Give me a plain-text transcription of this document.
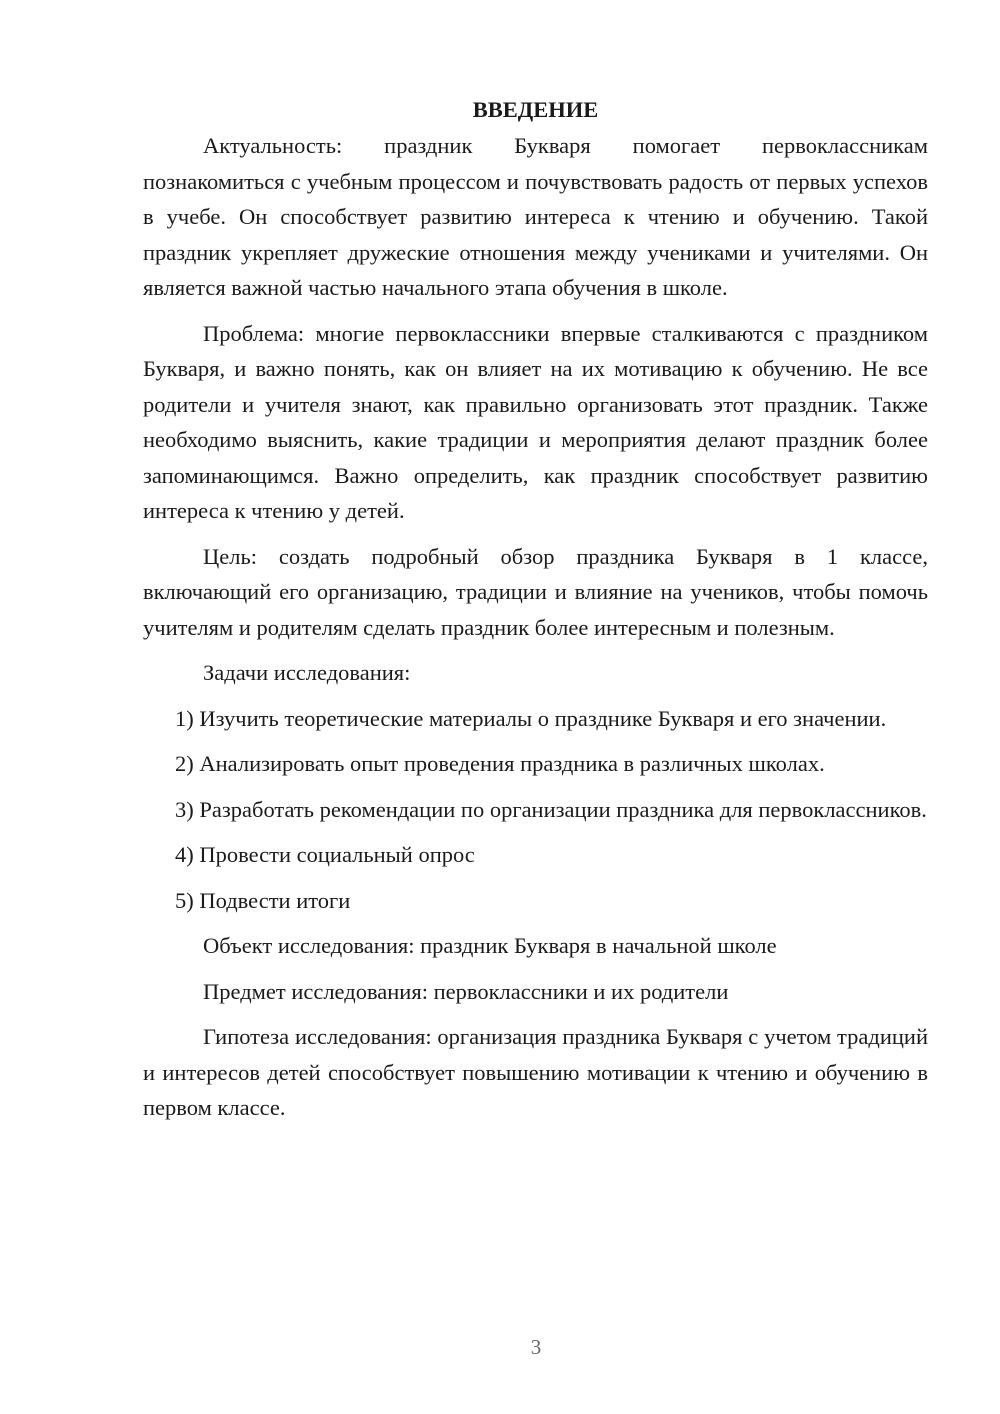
ВВЕДЕНИЕ

Актуальность: праздник Букваря помогает первоклассникам познакомиться с учебным процессом и почувствовать радость от первых успехов в учебе. Он способствует развитию интереса к чтению и обучению. Такой праздник укрепляет дружеские отношения между учениками и учителями. Он является важной частью начального этапа обучения в школе.

Проблема: многие первоклассники впервые сталкиваются с праздником Букваря, и важно понять, как он влияет на их мотивацию к обучению. Не все родители и учителя знают, как правильно организовать этот праздник. Также необходимо выяснить, какие традиции и мероприятия делают праздник более запоминающимся. Важно определить, как праздник способствует развитию интереса к чтению у детей.

Цель: создать подробный обзор праздника Букваря в 1 классе, включающий его организацию, традиции и влияние на учеников, чтобы помочь учителям и родителям сделать праздник более интересным и полезным.

Задачи исследования:

1) Изучить теоретические материалы о празднике Букваря и его значении.

2) Анализировать опыт проведения праздника в различных школах.

3) Разработать рекомендации по организации праздника для первоклассников.

4) Провести социальный опрос

5) Подвести итоги

Объект исследования: праздник Букваря в начальной школе

Предмет исследования: первоклассники и их родители

Гипотеза исследования: организация праздника Букваря с учетом традиций и интересов детей способствует повышению мотивации к чтению и обучению в первом классе.

3
